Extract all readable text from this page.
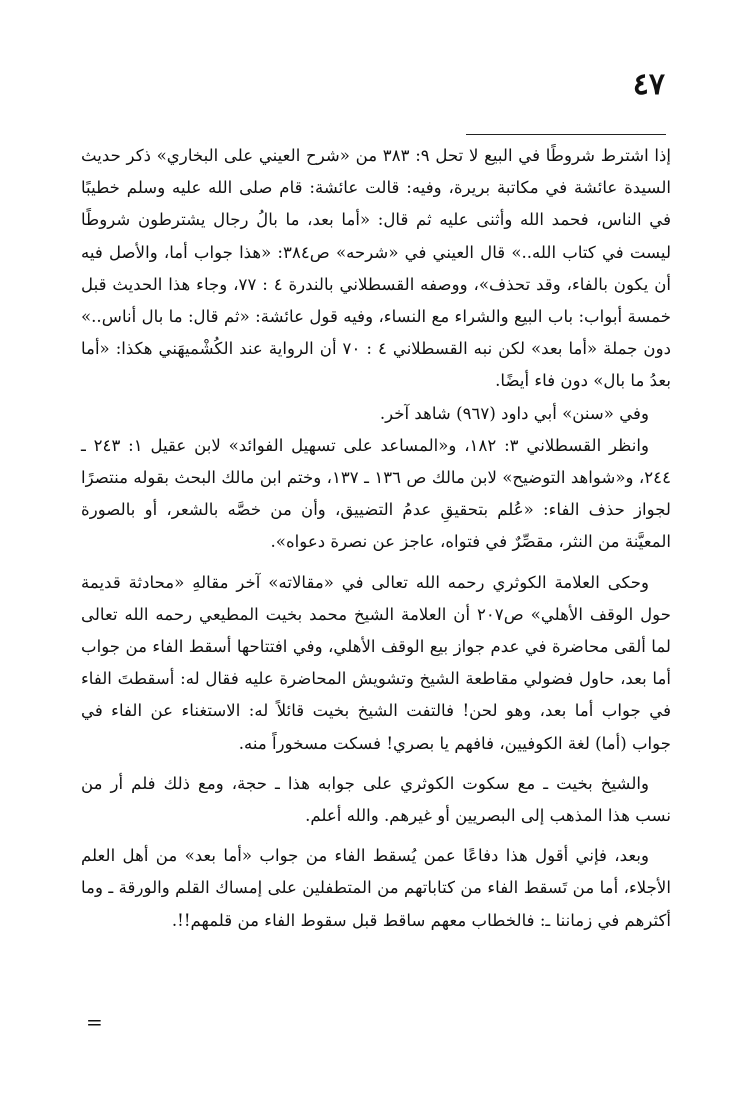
٤٧

إذا اشترط شروطًا في البيع لا تحل ٩: ٣٨٣ من «شرح العيني على البخاري» ذكر حديث السيدة عائشة في مكاتبة بريرة، وفيه: قالت عائشة: قام صلى الله عليه وسلم خطيبًا في الناس، فحمد الله وأثنى عليه ثم قال: «أما بعد، ما بالُ رجال يشترطون شروطًا ليست في كتاب الله..» قال العيني في «شرحه» ص٣٨٤: «هذا جواب أما، والأصل فيه أن يكون بالفاء، وقد تحذف»، ووصفه القسطلاني بالندرة ٤ : ٧٧، وجاء هذا الحديث قبل خمسة أبواب: باب البيع والشراء مع النساء، وفيه قول عائشة: «ثم قال: ما بال أناس..» دون جملة «أما بعد» لكن نبه القسطلاني ٤ : ٧٠ أن الرواية عند الكُشْميهَني هكذا: «أما بعدُ ما بال» دون فاء أيضًا.

وفي «سنن» أبي داود (٩٦٧) شاهد آخر.

وانظر القسطلاني ٣: ١٨٢، و«المساعد على تسهيل الفوائد» لابن عقيل ١: ٢٤٣ ـ ٢٤٤، و«شواهد التوضيح» لابن مالك ص ١٣٦ ـ ١٣٧، وختم ابن مالك البحث بقوله منتصرًا لجواز حذف الفاء: «عُلم بتحقيقِ عدمُ التضييق، وأن من خصَّه بالشعر، أو بالصورة المعيَّنة من النثر، مقصِّرٌ في فتواه، عاجز عن نصرة دعواه».

وحكى العلامة الكوثري رحمه الله تعالى في «مقالاته» آخر مقالهِ «محادثة قديمة حول الوقف الأهلي» ص٢٠٧ أن العلامة الشيخ محمد بخيت المطيعي رحمه الله تعالى لما ألقى محاضرة في عدم جواز بيع الوقف الأهلي، وفي افتتاحها أسقط الفاء من جواب أما بعد، حاول فضولي مقاطعة الشيخ وتشويش المحاضرة عليه فقال له: أسقطتَ الفاء في جواب أما بعد، وهو لحن! فالتفت الشيخ بخيت قائلاً له: الاستغناء عن الفاء في جواب (أما) لغة الكوفيين، فافهم يا بصري! فسكت مسخوراً منه.

والشيخ بخيت ـ مع سكوت الكوثري على جوابه هذا ـ حجة، ومع ذلك فلم أر من نسب هذا المذهب إلى البصريين أو غيرهم. والله أعلم.

وبعد، فإني أقول هذا دفاعًا عمن يُسقط الفاء من جواب «أما بعد» من أهل العلم الأجلاء، أما من تَسقط الفاء من كتاباتهم من المتطفلين على إمساك القلم والورقة ـ وما أكثرهم في زماننا ـ: فالخطاب معهم ساقط قبل سقوط الفاء من قلمهم!!.

=
